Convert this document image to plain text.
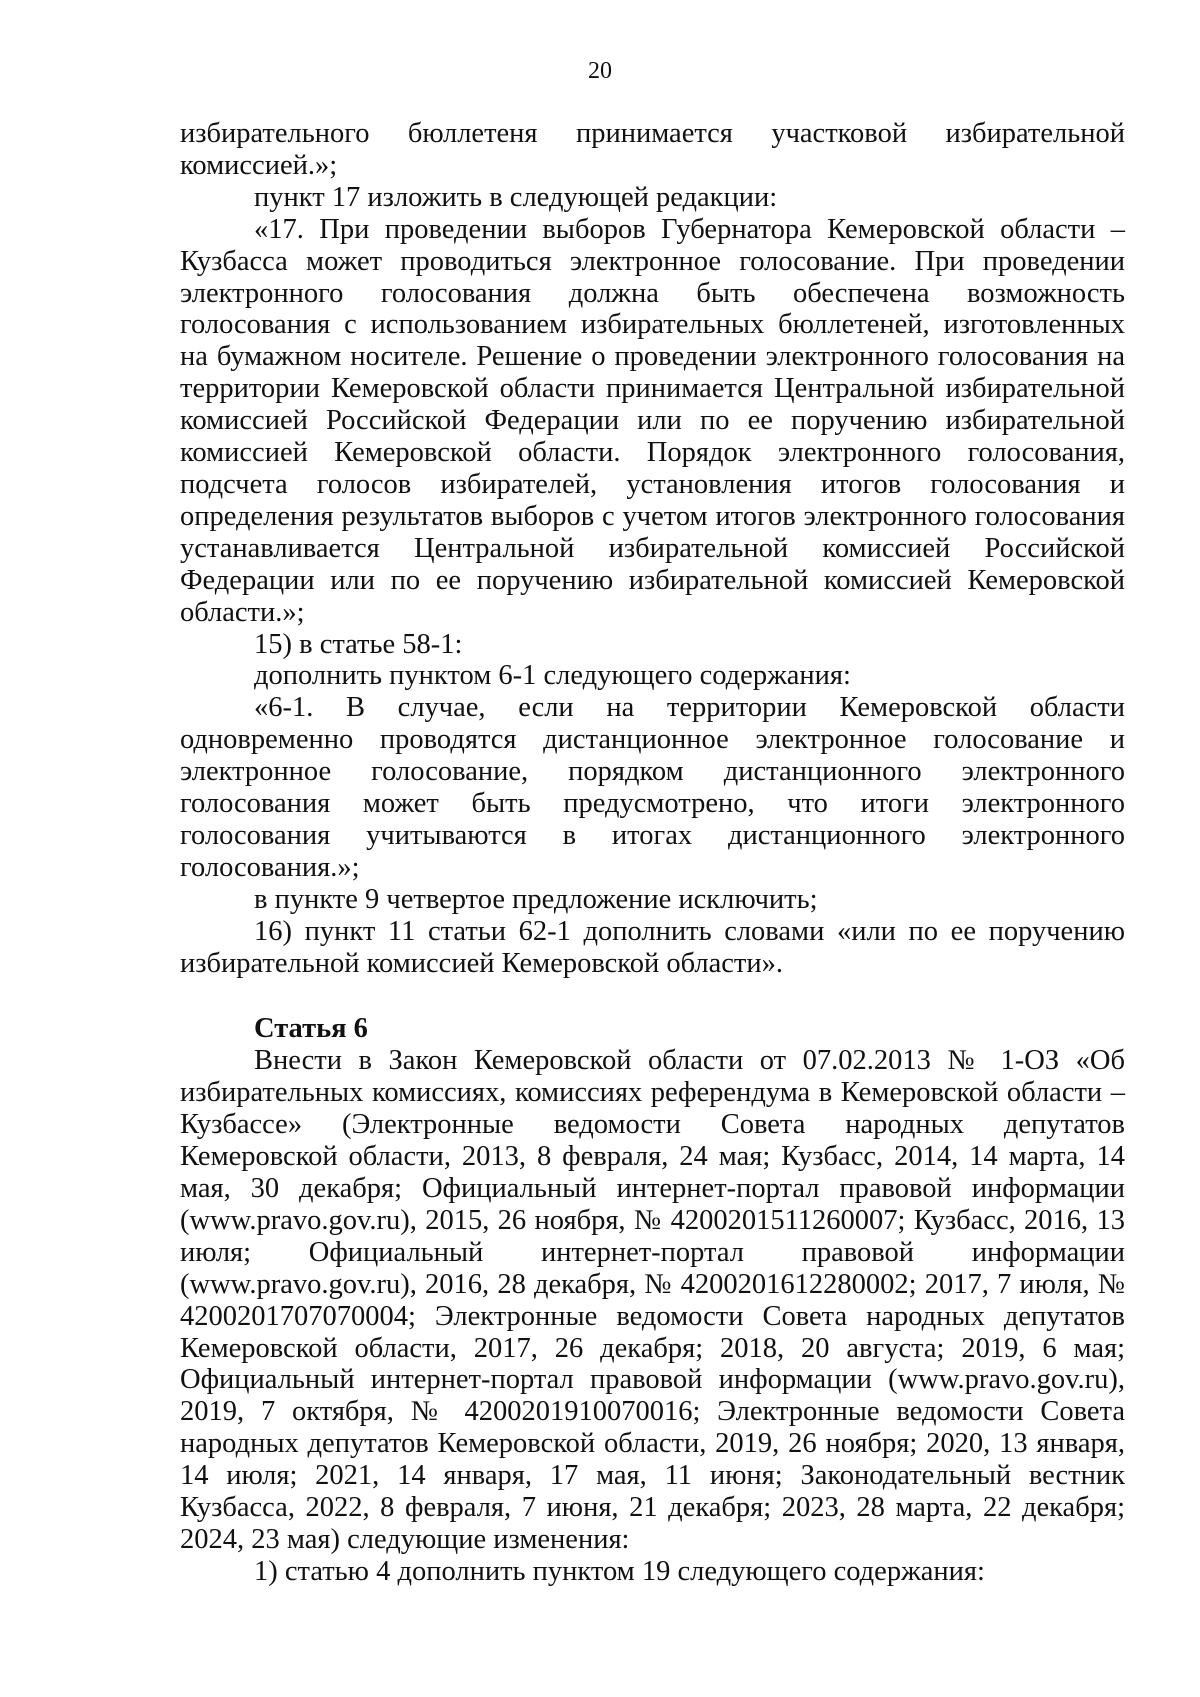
20

избирательного бюллетеня принимается участковой избирательной комиссией.»;

пункт 17 изложить в следующей редакции:

«17. При проведении выборов Губернатора Кемеровской области – Кузбасса может проводиться электронное голосование. При проведении электронного голосования должна быть обеспечена возможность голосования с использованием избирательных бюллетеней, изготовленных на бумажном носителе. Решение о проведении электронного голосования на территории Кемеровской области принимается Центральной избирательной комиссией Российской Федерации или по ее поручению избирательной комиссией Кемеровской области. Порядок электронного голосования, подсчета голосов избирателей, установления итогов голосования и определения результатов выборов с учетом итогов электронного голосования устанавливается Центральной избирательной комиссией Российской Федерации или по ее поручению избирательной комиссией Кемеровской области.»;

15) в статье 58-1:

дополнить пунктом 6-1 следующего содержания:

«6-1. В случае, если на территории Кемеровской области одновременно проводятся дистанционное электронное голосование и электронное голосование, порядком дистанционного электронного голосования может быть предусмотрено, что итоги электронного голосования учитываются в итогах дистанционного электронного голосования.»;

в пункте 9 четвертое предложение исключить;

16) пункт 11 статьи 62-1 дополнить словами «или по ее поручению избирательной комиссией Кемеровской области».

Статья 6

Внести в Закон Кемеровской области от 07.02.2013 № 1-ОЗ «Об избирательных комиссиях, комиссиях референдума в Кемеровской области – Кузбассе» (Электронные ведомости Совета народных депутатов Кемеровской области, 2013, 8 февраля, 24 мая; Кузбасс, 2014, 14 марта, 14 мая, 30 декабря; Официальный интернет-портал правовой информации (www.pravo.gov.ru), 2015, 26 ноября, № 4200201511260007; Кузбасс, 2016, 13 июля; Официальный интернет-портал правовой информации (www.pravo.gov.ru), 2016, 28 декабря, № 4200201612280002; 2017, 7 июля, № 4200201707070004; Электронные ведомости Совета народных депутатов Кемеровской области, 2017, 26 декабря; 2018, 20 августа; 2019, 6 мая; Официальный интернет-портал правовой информации (www.pravo.gov.ru), 2019, 7 октября, № 4200201910070016; Электронные ведомости Совета народных депутатов Кемеровской области, 2019, 26 ноября; 2020, 13 января, 14 июля; 2021, 14 января, 17 мая, 11 июня; Законодательный вестник Кузбасса, 2022, 8 февраля, 7 июня, 21 декабря; 2023, 28 марта, 22 декабря; 2024, 23 мая) следующие изменения:

1) статью 4 дополнить пунктом 19 следующего содержания:
